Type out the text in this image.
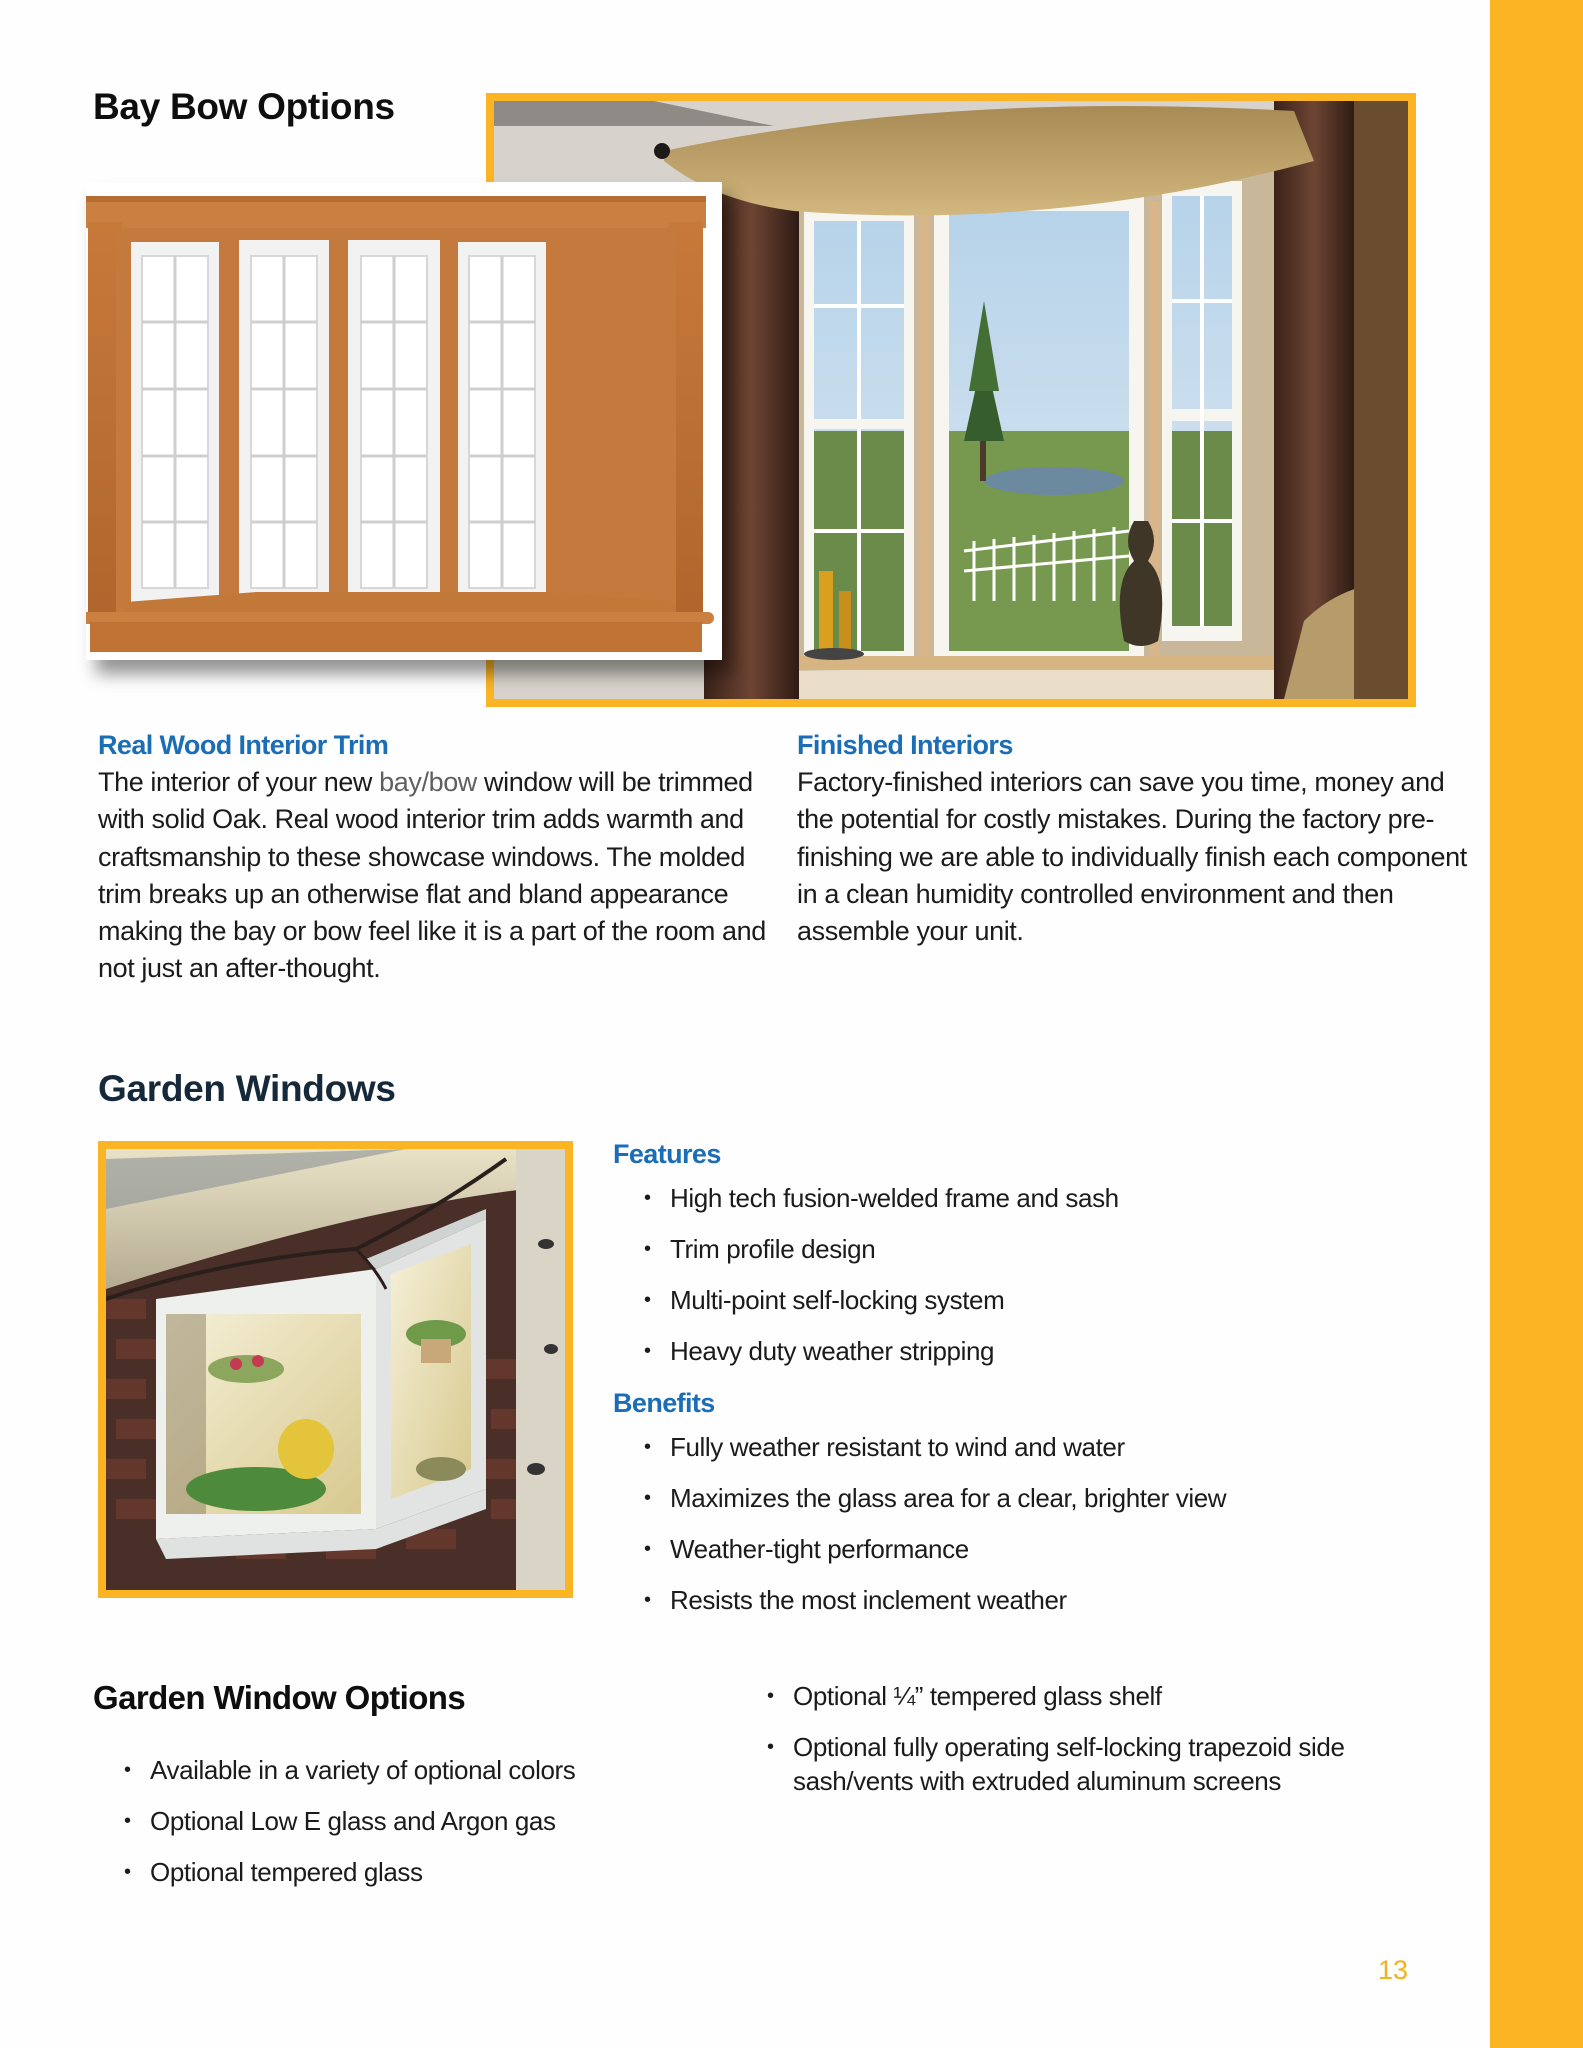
Bay Bow Options
Real Wood Interior Trim

The interior of your new bay/bow window will be trimmed with solid Oak. Real wood interior trim adds warmth and craftsmanship to these showcase windows. The molded trim breaks up an otherwise flat and bland appearance making the bay or bow feel like it is a part of the room and not just an after-thought.

Finished Interiors

Factory-finished interiors can save you time, money and the potential for costly mistakes. During the factory pre-finishing we are able to individually finish each component in a clean humidity controlled environment and then assemble your unit.

Garden Windows
Features
• High tech fusion-welded frame and sash
• Trim profile design
• Multi-point self-locking system
• Heavy duty weather stripping
Benefits
• Fully weather resistant to wind and water
• Maximizes the glass area for a clear, brighter view
• Weather-tight performance
• Resists the most inclement weather
Garden Window Options
• Available in a variety of optional colors
• Optional Low E glass and Argon gas
• Optional tempered glass
• Optional ¼” tempered glass shelf
• Optional fully operating self-locking trapezoid side sash/vents with extruded aluminum screens
13
